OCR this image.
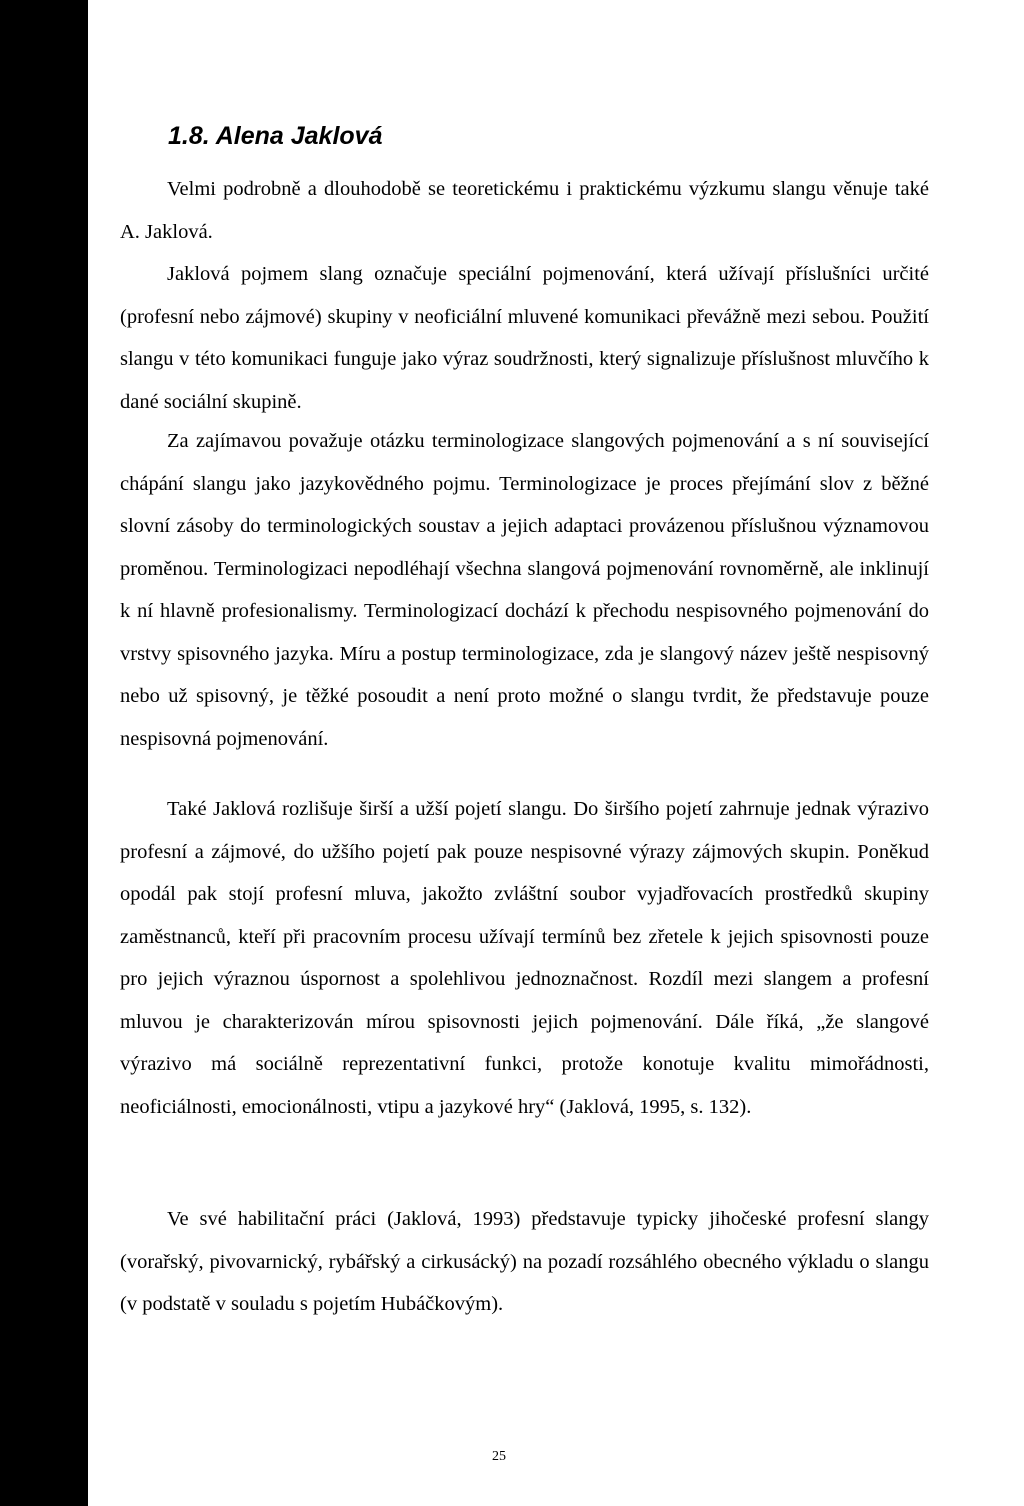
1.8. Alena Jaklová

Velmi podrobně a dlouhodobě se teoretickému i praktickému výzkumu slangu věnuje také A. Jaklová.

Jaklová pojmem slang označuje speciální pojmenování, která užívají příslušníci určité (profesní nebo zájmové) skupiny v neoficiální mluvené komunikaci převážně mezi sebou. Použití slangu v této komunikaci funguje jako výraz soudržnosti, který signalizuje příslušnost mluvčího k dané sociální skupině.

Za zajímavou považuje otázku terminologizace slangových pojmenování a s ní související chápání slangu jako jazykovědného pojmu. Terminologizace je proces přejímání slov z běžné slovní zásoby do terminologických soustav a jejich adaptaci provázenou příslušnou významovou proměnou. Terminologizaci nepodléhají všechna slangová pojmenování rovnoměrně, ale inklinují k ní hlavně profesionalismy. Terminologizací dochází k přechodu nespisovného pojmenování do vrstvy spisovného jazyka. Míru a postup terminologizace, zda je slangový název ještě nespisovný nebo už spisovný, je těžké posoudit a není proto možné o slangu tvrdit, že představuje pouze nespisovná pojmenování.

Také Jaklová rozlišuje širší a užší pojetí slangu. Do širšího pojetí zahrnuje jednak výrazivo profesní a zájmové, do užšího pojetí pak pouze nespisovné výrazy zájmových skupin. Poněkud opodál pak stojí profesní mluva, jakožto zvláštní soubor vyjadřovacích prostředků skupiny zaměstnanců, kteří při pracovním procesu užívají termínů bez zřetele k jejich spisovnosti pouze pro jejich výraznou úspornost a spolehlivou jednoznačnost. Rozdíl mezi slangem a profesní mluvou je charakterizován mírou spisovnosti jejich pojmenování. Dále říká, „že slangové výrazivo má sociálně reprezentativní funkci, protože konotuje kvalitu mimořádnosti, neoficiálnosti, emocionálnosti, vtipu a jazykové hry“ (Jaklová, 1995, s. 132).

Ve své habilitační práci (Jaklová, 1993) představuje typicky jihočeské profesní slangy (vorařský, pivovarnický, rybářský a cirkusácký) na pozadí rozsáhlého obecného výkladu o slangu (v podstatě v souladu s pojetím Hubáčkovým).

25
